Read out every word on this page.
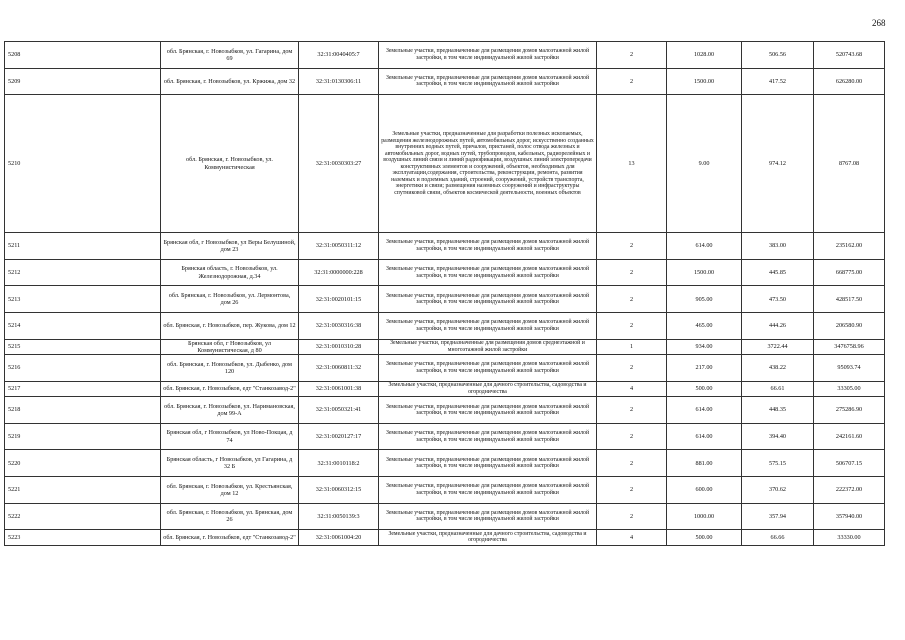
268
5208	обл. Брянская, г. Новозыбков, ул. Гагарина, дом 69	32:31:0040405:7	Земельные участки, предназначенные для размещения домов малоэтажной жилой застройки, в том числе индивидуальной жилой застройки	2	1028.00	506.56	520743.68
5209	обл. Брянская, г. Новозыбков, ул. Кржижа, дом 32	32:31:0130306:11	Земельные участки, предназначенные для размещения домов малоэтажной жилой застройки, в том числе индивидуальной жилой застройки	2	1500.00	417.52	626280.00
5210	обл. Брянская, г. Новозыбков, ул. Коммунистическая	32:31:0030303:27	Земельные участки, предназначенные для разработки полезных ископаемых, размещения железнодорожных путей, автомобильных дорог, искусственно созданных внутренних водных путей, причалов, пристаней, полос отвода железных и автомобильных дорог, водных путей, трубопроводов, кабельных, радиорелейных и воздушных линий связи и линий радиофикации, воздушных линий электропередачи конструктивных элементов и сооружений, объектов, необходимых для эксплуатации,содержания, строительства, реконструкции, ремонта, развития наземных и подземных зданий, строений, сооружений, устройств транспорта, энергетики и связи; размещения наземных сооружений и инфраструктуры спутниковой связи, объектов космической деятельности, военных объектов	13	9.00	974.12	8767.08
5211	Брянская обл, г Новозыбков, ул Веры Белушиной, дом 23	32:31:0050311:12	Земельные участки, предназначенные для размещения домов малоэтажной жилой застройки, в том числе индивидуальной жилой застройки	2	614.00	383.00	235162.00
5212	Брянская область, г. Новозыбков, ул. Железнодорожная, д.34	32:31:0000000:228	Земельные участки, предназначенные для размещения домов малоэтажной жилой застройки, в том числе индивидуальной жилой застройки	2	1500.00	445.85	668775.00
5213	обл. Брянская, г. Новозыбков, ул. Лермонтова, дом 26	32:31:0020101:15	Земельные участки, предназначенные для размещения домов малоэтажной жилой застройки, в том числе индивидуальной жилой застройки	2	905.00	473.50	428517.50
5214	обл. Брянская, г. Новозыбков, пер. Жукова, дом 12	32:31:0030316:38	Земельные участки, предназначенные для размещения домов малоэтажной жилой застройки, в том числе индивидуальной жилой застройки	2	465.00	444.26	206580.90
5215	Брянская обл, г Новозыбков, ул Коммунистическая, д 80	32:31:0010310:28	Земельные участки, предназначенные для размещения домов среднеэтажной и многоэтажной жилой застройки	1	934.00	3722.44	3476758.96
5216	обл. Брянская, г. Новозыбков, ул. Дыбенко, дом 120	32:31:0060811:32	Земельные участки, предназначенные для размещения домов малоэтажной жилой застройки, в том числе индивидуальной жилой застройки	2	217.00	438.22	95093.74
5217	обл. Брянская, г. Новозыбков, едт "Станкозавод-2"	32:31:0061001:38	Земельные участки, предназначенные для дачного строительства, садоводства и огородничества	4	500.00	66.61	33305.00
5218	обл. Брянская, г. Новозыбков, ул. Наримановская, дом 99-А	32:31:0050321:41	Земельные участки, предназначенные для размещения домов малоэтажной жилой застройки, в том числе индивидуальной жилой застройки	2	614.00	448.35	275286.90
5219	Брянская обл, г Новозыбков, ул Ново-Покцая, д 74	32:31:0020127:17	Земельные участки, предназначенные для размещения домов малоэтажной жилой застройки, в том числе индивидуальной жилой застройки	2	614.00	394.40	242161.60
5220	Брянская область, г Новозыбков, ул Гагарина, д 32 Б	32:31:0010118:2	Земельные участки, предназначенные для размещения домов малоэтажной жилой застройки, в том числе индивидуальной жилой застройки	2	881.00	575.15	506707.15
5221	обл. Брянская, г. Новозыбков, ул. Крестьянская, дом 12	32:31:0060312:15	Земельные участки, предназначенные для размещения домов малоэтажной жилой застройки, в том числе индивидуальной жилой застройки	2	600.00	370.62	222372.00
5222	обл. Брянская, г. Новозыбков, ул. Брянская, дом 26	32:31:0050139:3	Земельные участки, предназначенные для размещения домов малоэтажной жилой застройки, в том числе индивидуальной жилой застройки	2	1000.00	357.94	357940.00
5223	обл. Брянская, г. Новозыбков, едт "Станкозавод-2"	32:31:0061004:20	Земельные участки, предназначенные для дачного строительства, садоводства и огородничества	4	500.00	66.66	33330.00
